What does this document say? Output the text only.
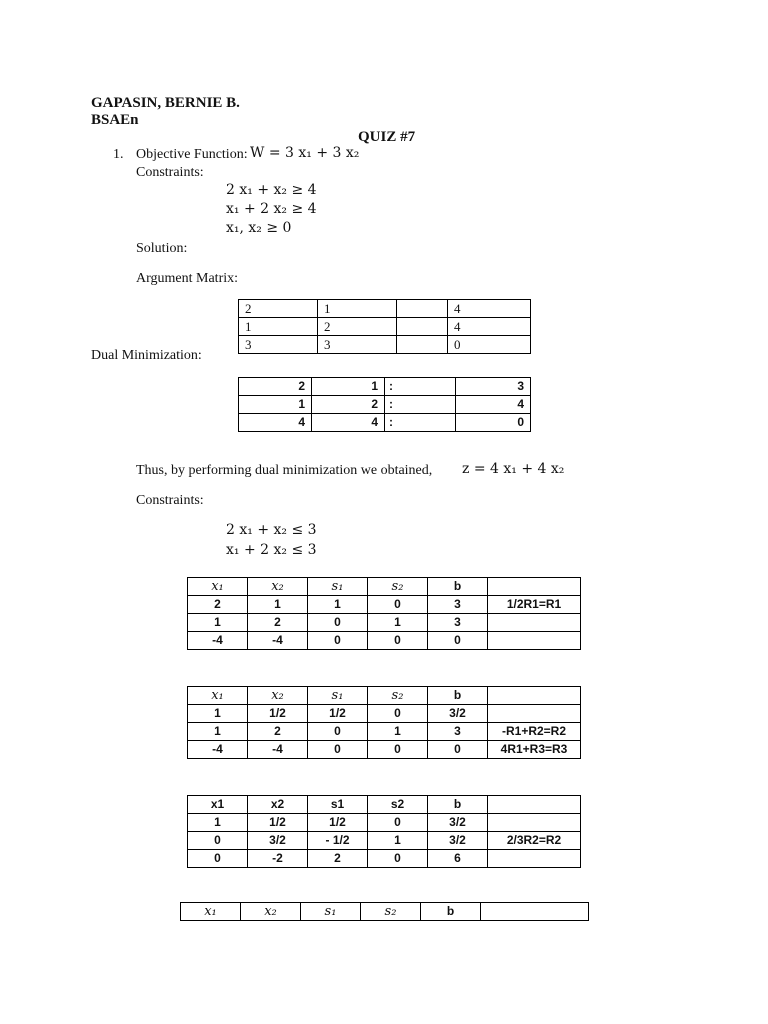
GAPASIN, BERNIE B.
BSAEn
QUIZ #7
1. Objective Function: W = 3 x₁ + 3 x₂
Constraints:
2 x₁ + x₂ ≥ 4
x₁ + 2 x₂ ≥ 4
x₁, x₂ ≥ 0
Solution:
Argument Matrix:
2	1		4
1	2		4
3	3		0
Dual Minimization:
2	1	:	3
1	2	:	4
4	4	:	0
Thus, by performing dual minimization we obtained, z = 4 x₁ + 4 x₂
Constraints:
2 x₁ + x₂ ≤ 3
x₁ + 2 x₂ ≤ 3
x₁	x₂	s₁	s₂	b	
2	1	1	0	3	1/2R1=R1
1	2	0	1	3	
-4	-4	0	0	0	
x₁	x₂	s₁	s₂	b	
1	1/2	1/2	0	3/2	
1	2	0	1	3	-R1+R2=R2
-4	-4	0	0	0	4R1+R3=R3
x1	x2	s1	s2	b	
1	1/2	1/2	0	3/2	
0	3/2	- 1/2	1	3/2	2/3R2=R2
0	-2	2	0	6	
x₁	x₂	s₁	s₂	b	
